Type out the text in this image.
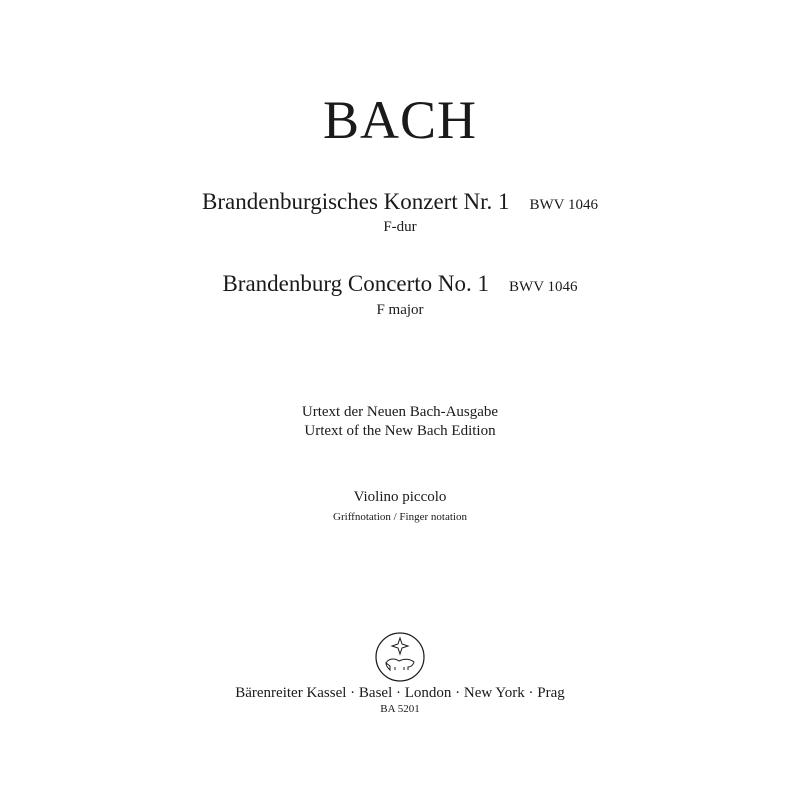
BACH
Brandenburgisches Konzert Nr. 1 BWV 1046
F-dur
Brandenburg Concerto No. 1 BWV 1046
F major
Urtext der Neuen Bach-Ausgabe
Urtext of the New Bach Edition
Violino piccolo
Griffnotation / Finger notation
Bärenreiter Kassel · Basel · London · New York · Prag
BA 5201
